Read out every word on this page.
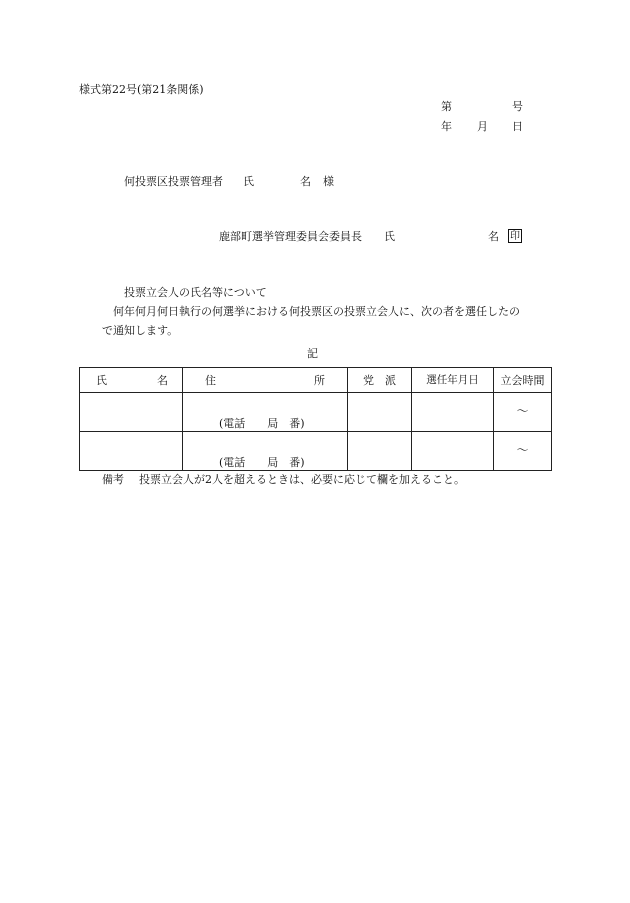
様式第22号(第21条関係)
第	号
年 月 日
何投票区投票管理者 氏	名 様
鹿部町選挙管理委員会委員長 氏	名 印
投票立会人の氏名等について
何年何月何日執行の何選挙における何投票区の投票立会人に、次の者を選任したの
で通知します。
記
氏 名	住 所	党　派	選任年月日	立会時間

	(電話　　局　番)			～

	(電話　　局　番)			～
備考 投票立会人が2人を超えるときは、必要に応じて欄を加えること。
